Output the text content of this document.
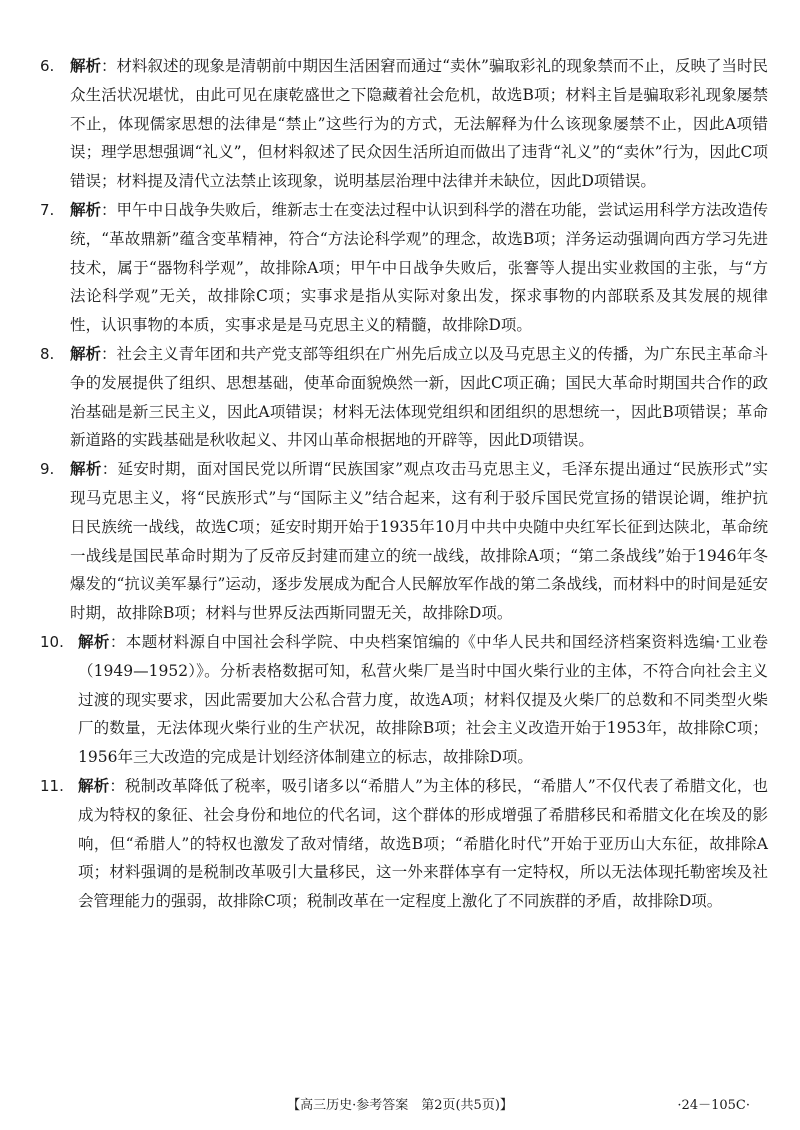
6.	解析：材料叙述的现象是清朝前中期因生活困窘而通过“卖休”骗取彩礼的现象禁而不止，反映了当时民众生活状况堪忧，由此可见在康乾盛世之下隐藏着社会危机，故选B项；材料主旨是骗取彩礼现象屡禁不止，体现儒家思想的法律是“禁止”这些行为的方式，无法解释为什么该现象屡禁不止，因此A项错误；理学思想强调“礼义”，但材料叙述了民众因生活所迫而做出了违背“礼义”的“卖休”行为，因此C项错误；材料提及清代立法禁止该现象，说明基层治理中法律并未缺位，因此D项错误。
7.	解析：甲午中日战争失败后，维新志士在变法过程中认识到科学的潜在功能，尝试运用科学方法改造传统，“革故鼎新”蕴含变革精神，符合“方法论科学观”的理念，故选B项；洋务运动强调向西方学习先进技术，属于“器物科学观”，故排除A项；甲午中日战争失败后，张謇等人提出实业救国的主张，与“方法论科学观”无关，故排除C项；实事求是指从实际对象出发，探求事物的内部联系及其发展的规律性，认识事物的本质，实事求是是马克思主义的精髓，故排除D项。
8.	解析：社会主义青年团和共产党支部等组织在广州先后成立以及马克思主义的传播，为广东民主革命斗争的发展提供了组织、思想基础，使革命面貌焕然一新，因此C项正确；国民大革命时期国共合作的政治基础是新三民主义，因此A项错误；材料无法体现党组织和团组织的思想统一，因此B项错误；革命新道路的实践基础是秋收起义、井冈山革命根据地的开辟等，因此D项错误。
9.	解析：延安时期，面对国民党以所谓“民族国家”观点攻击马克思主义，毛泽东提出通过“民族形式”实现马克思主义，将“民族形式”与“国际主义”结合起来，这有利于驳斥国民党宣扬的错误论调，维护抗日民族统一战线，故选C项；延安时期开始于1935年10月中共中央随中央红军长征到达陕北，革命统一战线是国民革命时期为了反帝反封建而建立的统一战线，故排除A项；“第二条战线”始于1946年冬爆发的“抗议美军暴行”运动，逐步发展成为配合人民解放军作战的第二条战线，而材料中的时间是延安时期，故排除B项；材料与世界反法西斯同盟无关，故排除D项。
10. 解析：本题材料源自中国社会科学院、中央档案馆编的《中华人民共和国经济档案资料选编·工业卷（1949—1952）》。分析表格数据可知，私营火柴厂是当时中国火柴行业的主体，不符合向社会主义过渡的现实要求，因此需要加大公私合营力度，故选A项；材料仅提及火柴厂的总数和不同类型火柴厂的数量，无法体现火柴行业的生产状况，故排除B项；社会主义改造开始于1953年，故排除C项；1956年三大改造的完成是计划经济体制建立的标志，故排除D项。
11. 解析：税制改革降低了税率，吸引诸多以“希腊人”为主体的移民，“希腊人”不仅代表了希腊文化，也成为特权的象征、社会身份和地位的代名词，这个群体的形成增强了希腊移民和希腊文化在埃及的影响，但“希腊人”的特权也激发了敌对情绪，故选B项；“希腊化时代”开始于亚历山大东征，故排除A项；材料强调的是税制改革吸引大量移民，这一外来群体享有一定特权，所以无法体现托勒密埃及社会管理能力的强弱，故排除C项；税制改革在一定程度上激化了不同族群的矛盾，故排除D项。
【高三历史·参考答案　第2页(共5页)】	·24－105C·
